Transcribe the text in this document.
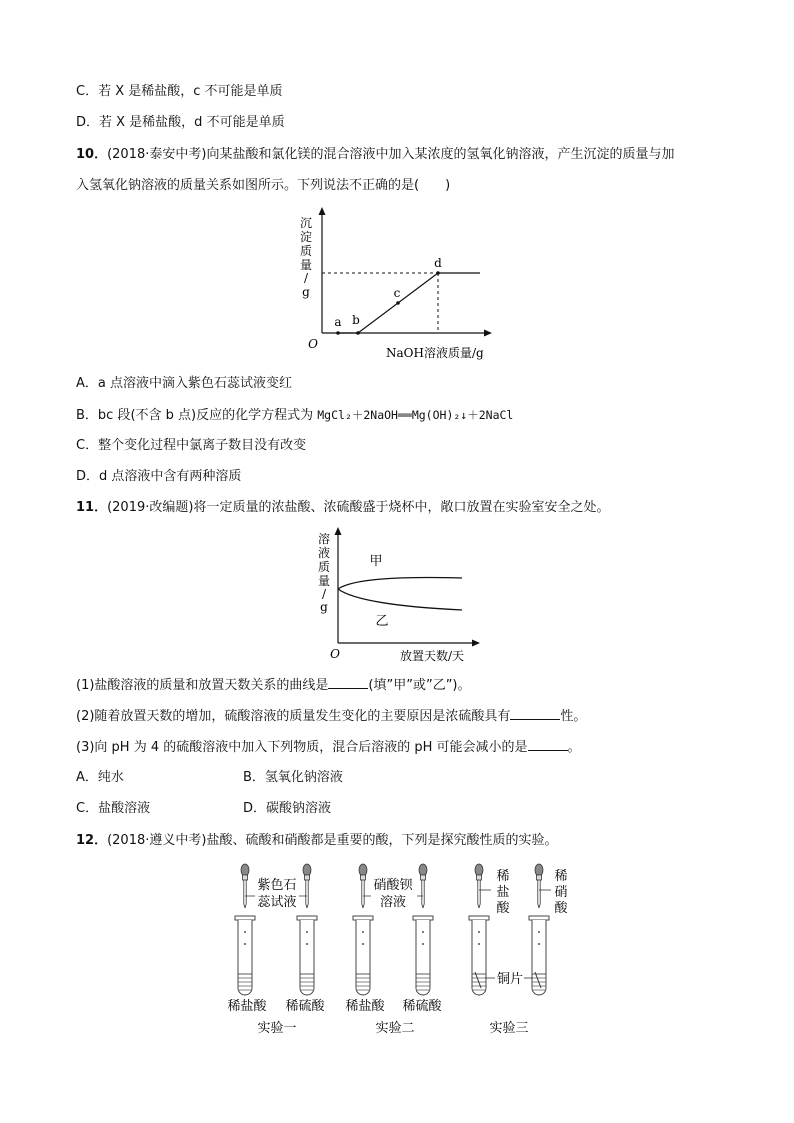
C．若 X 是稀盐酸，c 不可能是单质
D．若 X 是稀盐酸，d 不可能是单质
10．(2018·泰安中考)向某盐酸和氯化镁的混合溶液中加入某浓度的氢氧化钠溶液，产生沉淀的质量与加
入氢氧化钠溶液的质量关系如图所示。下列说法不正确的是(　　)
沉
淀
质
量
/
g
O
NaOH溶液质量/g
a b
c
d
A．a 点溶液中滴入紫色石蕊试液变红
B．bc 段(不含 b 点)反应的化学方程式为 MgCl₂＋2NaOH══Mg(OH)₂↓＋2NaCl
C．整个变化过程中氯离子数目没有改变
D．d 点溶液中含有两种溶质
11．(2019·改编题)将一定质量的浓盐酸、浓硫酸盛于烧杯中，敞口放置在实验室安全之处。
溶
液
质
量
/
g
O	放置天数/天
甲
乙
(1)盐酸溶液的质量和放置天数关系的曲线是	(填”甲”或”乙”)。
(2)随着放置天数的增加，硫酸溶液的质量发生变化的主要原因是浓硫酸具有	性。
(3)向 pH 为 4 的硫酸溶液中加入下列物质，混合后溶液的 pH 可能会减小的是	。
A．纯水	B．氢氧化钠溶液
C．盐酸溶液	D．碳酸钠溶液
12．(2018·遵义中考)盐酸、硫酸和硝酸都是重要的酸，下列是探究酸性质的实验。
紫色石
蕊试液
稀盐酸 稀硫酸
实验一
硝酸钡
溶液
稀盐酸 稀硫酸
实验二
稀
盐
酸
稀
硝
酸
铜片
实验三
